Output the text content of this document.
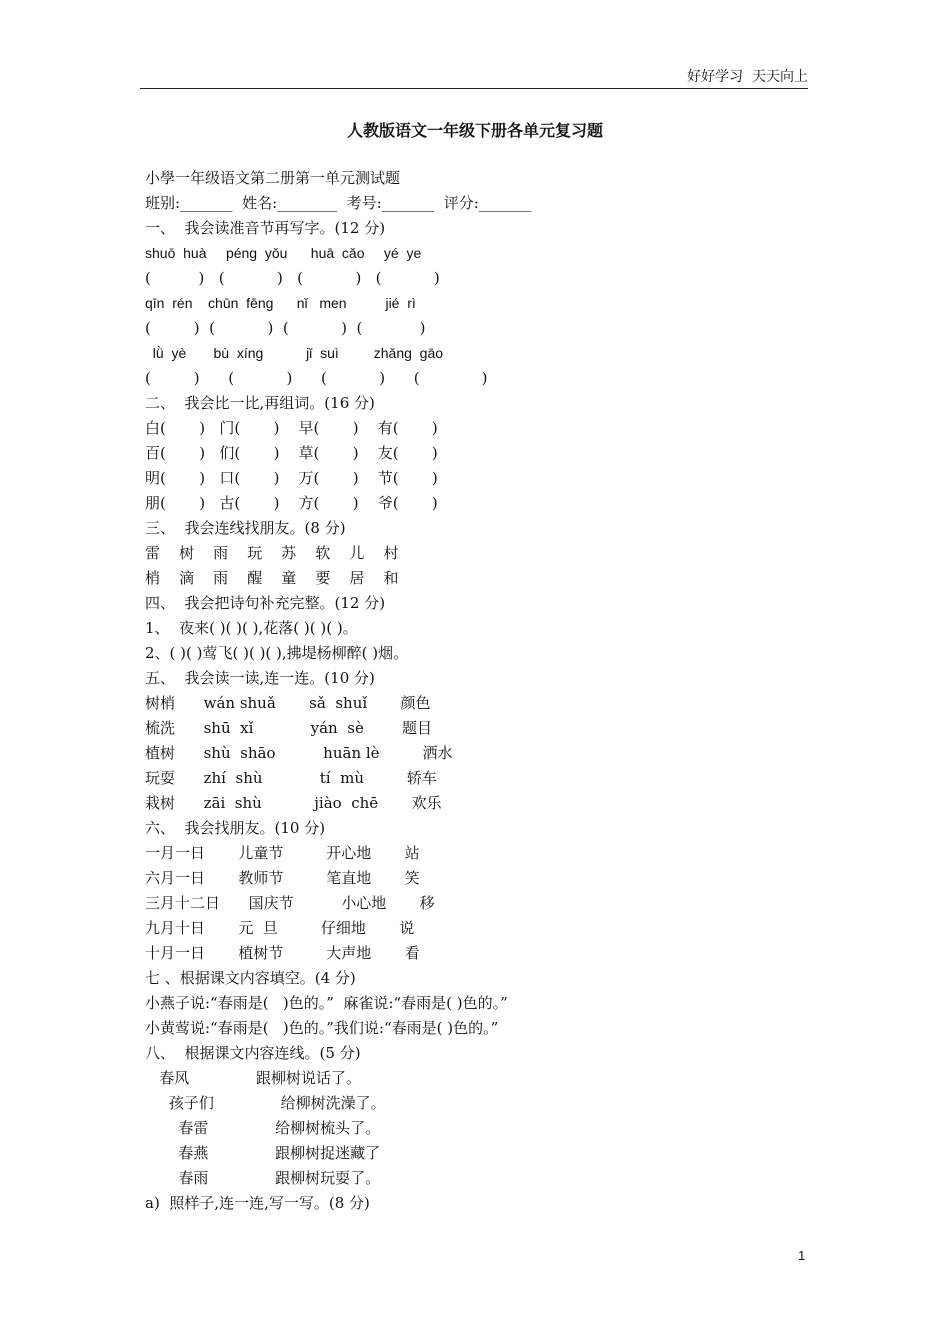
好好学习  天天向上
人教版语文一年级下册各单元复习题
小學一年级语文第二册第一单元测试题
班别:_______  姓名:________  考号:_______  评分:_______
一、  我会读准音节再写字。(12 分)
shuō  huà     péng  yǒu      huā  cǎo     yé  ye
(          )   (           )   (           )   (           )
qīn  rén    chūn  fēng      nǐ   men          jié  rì
(         )  (           )  (           )  (            )
lǜ  yè       bù  xíng           jǐ  suì         zhǎng  gāo
(         )      (           )      (           )      (             )
二、  我会比一比,再组词。(16 分)
白(       )   门(       )    早(       )    有(       )
百(       )   们(       )    草(       )    友(       )
明(       )   口(       )    万(       )    节(       )
朋(       )   古(       )    方(       )    爷(       )
三、  我会连线找朋友。(8 分)
雷    树    雨    玩    苏    软    儿    村
梢    滴    雨    醒    童    要    居    和
四、  我会把诗句补充完整。(12 分)
1、  夜来( )( )( ),花落( )( )( )。
2、( )( )莺飞( )( )( ),拂堤杨柳醉( )烟。
五、  我会读一读,连一连。(10 分)
树梢      wán shuǎ       sǎ  shuǐ       颜色
梳洗      shū  xǐ            yán  sè        题目
植树      shù  shāo          huān lè         洒水
玩耍      zhí  shù            tí  mù         轿车
栽树      zāi  shù           jiào  chē       欢乐
六、  我会找朋友。(10 分)
一月一日       儿童节         开心地       站
六月一日       教师节         笔直地       笑
三月十二日      国庆节          小心地       移
九月十日       元  旦         仔细地       说
十月一日       植树节         大声地       看
七 、根据课文内容填空。(4 分)
小燕子说:“春雨是(   )色的。”  麻雀说:“春雨是( )色的。”
小黄莺说:“春雨是(   )色的。”我们说:“春雨是( )色的。”
八、  根据课文内容连线。(5 分)
春风              跟柳树说话了。
孩子们              给柳树洗澡了。
春雷              给柳树梳头了。
春燕              跟柳树捉迷藏了
春雨              跟柳树玩耍了。
a)  照样子,连一连,写一写。(8 分)
1
